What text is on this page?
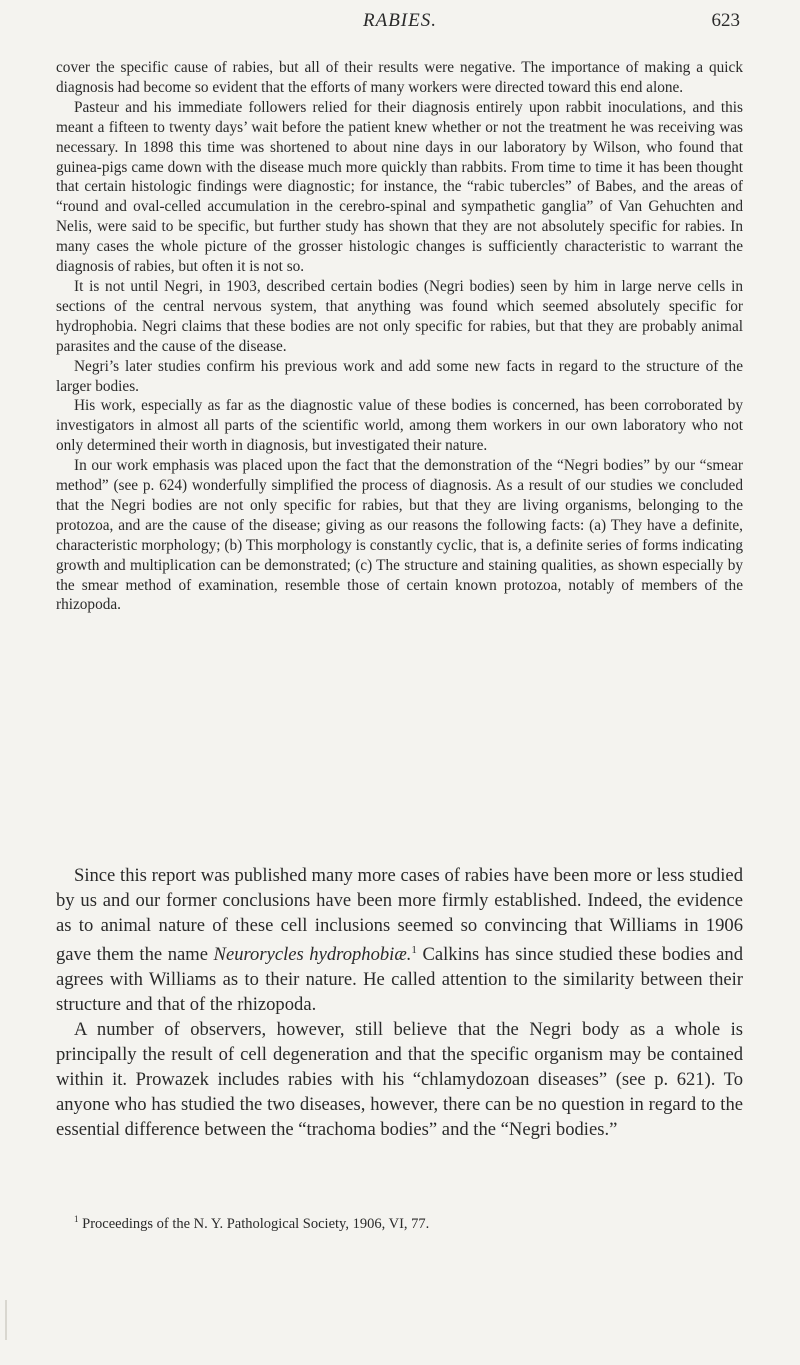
RABIES.	623

cover the specific cause of rabies, but all of their results were negative. The importance of making a quick diagnosis had become so evident that the efforts of many workers were directed toward this end alone.

Pasteur and his immediate followers relied for their diagnosis entirely upon rabbit inoculations, and this meant a fifteen to twenty days’ wait before the patient knew whether or not the treatment he was receiving was necessary. In 1898 this time was shortened to about nine days in our laboratory by Wilson, who found that guinea-pigs came down with the disease much more quickly than rabbits. From time to time it has been thought that certain histologic findings were diagnostic; for instance, the “rabic tubercles” of Babes, and the areas of “round and oval-celled accumulation in the cerebro-spinal and sympathetic ganglia” of Van Gehuchten and Nelis, were said to be specific, but further study has shown that they are not absolutely specific for rabies. In many cases the whole picture of the grosser histologic changes is sufficiently characteristic to warrant the diagnosis of rabies, but often it is not so.

It is not until Negri, in 1903, described certain bodies (Negri bodies) seen by him in large nerve cells in sections of the central nervous system, that anything was found which seemed absolutely specific for hydrophobia. Negri claims that these bodies are not only specific for rabies, but that they are probably animal parasites and the cause of the disease.

Negri’s later studies confirm his previous work and add some new facts in regard to the structure of the larger bodies.

His work, especially as far as the diagnostic value of these bodies is concerned, has been corroborated by investigators in almost all parts of the scientific world, among them workers in our own laboratory who not only determined their worth in diagnosis, but investigated their nature.

In our work emphasis was placed upon the fact that the demonstration of the “Negri bodies” by our “smear method” (see p. 624) wonderfully simplified the process of diagnosis. As a result of our studies we concluded that the Negri bodies are not only specific for rabies, but that they are living organisms, belonging to the protozoa, and are the cause of the disease; giving as our reasons the following facts: (a) They have a definite, characteristic morphology; (b) This morphology is constantly cyclic, that is, a definite series of forms indicating growth and multiplication can be demonstrated; (c) The structure and staining qualities, as shown especially by the smear method of examination, resemble those of certain known protozoa, notably of members of the rhizopoda.

Since this report was published many more cases of rabies have been more or less studied by us and our former conclusions have been more firmly established. Indeed, the evidence as to animal nature of these cell inclusions seemed so convincing that Williams in 1906 gave them the name Neurorycles hydrophobiæ.$^1$ Calkins has since studied these bodies and agrees with Williams as to their nature. He called attention to the similarity between their structure and that of the rhizopoda.

A number of observers, however, still believe that the Negri body as a whole is principally the result of cell degeneration and that the specific organism may be contained within it. Prowazek includes rabies with his “chlamydozoan diseases” (see p. 621). To anyone who has studied the two diseases, however, there can be no question in regard to the essential difference between the “trachoma bodies” and the “Negri bodies.”

$^1$ Proceedings of the N. Y. Pathological Society, 1906, VI, 77.
